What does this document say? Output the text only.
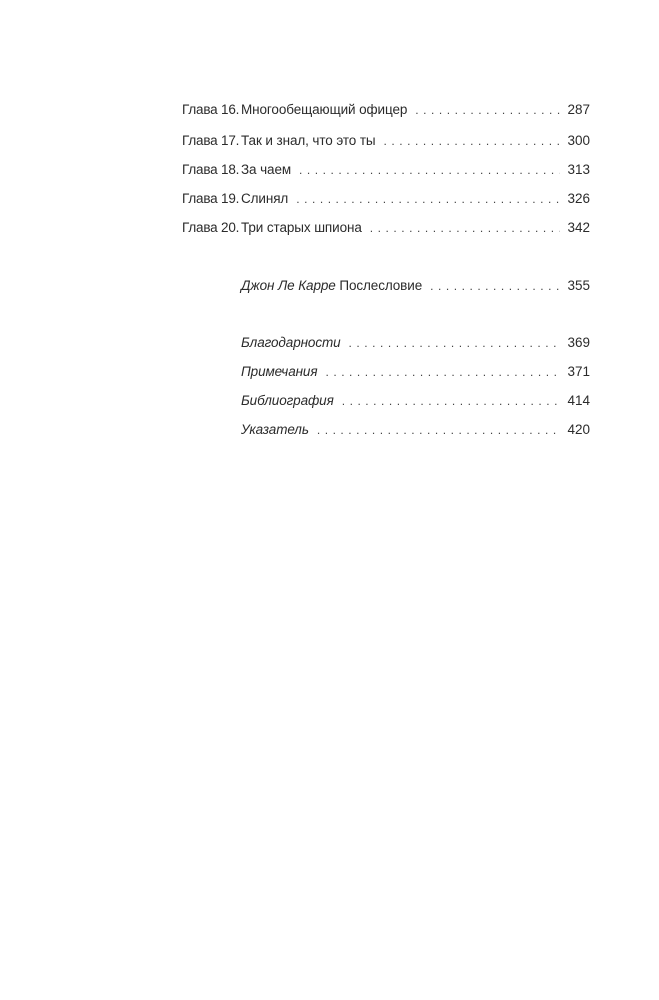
Глава 16. Многообещающий офицер . . .	287
Глава 17. Так и знал, что это ты . . .	300
Глава 18. За чаем . . .	313
Глава 19. Слинял . . .	326
Глава 20. Три старых шпиона . . .	342
Джон Ле Карре Послесловие . . .	355
Благодарности . . .	369
Примечания . . .	371
Библиография . . .	414
Указатель . . .	420
